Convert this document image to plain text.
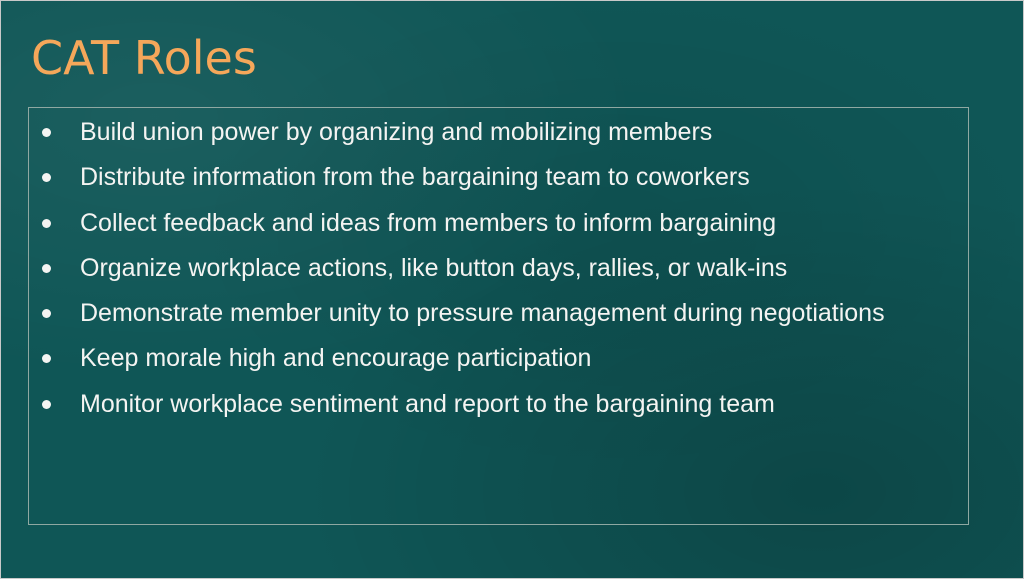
CAT Roles
Build union power by organizing and mobilizing members
Distribute information from the bargaining team to coworkers
Collect feedback and ideas from members to inform bargaining
Organize workplace actions, like button days, rallies, or walk-ins
Demonstrate member unity to pressure management during negotiations
Keep morale high and encourage participation
Monitor workplace sentiment and report to the bargaining team
